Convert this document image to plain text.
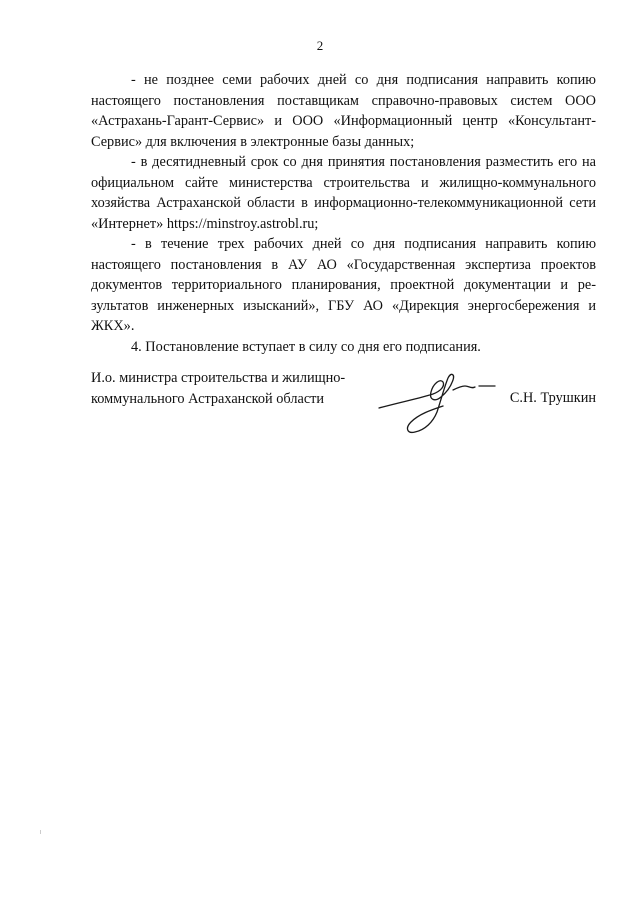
2

- не позднее семи рабочих дней со дня подписания направить копию настоящего постановления поставщикам справочно-правовых систем ООО «Астрахань-Гарант-Сервис» и ООО «Информационный центр «Консультант-Сервис» для включения в электронные базы данных;

- в десятидневный срок со дня принятия постановления разместить его на официальном сайте министерства строительства и жилищно-коммунального хозяйства Астраханской области в информационно-телекоммуникационной сети «Интернет» https://minstroy.astrobl.ru;

- в течение трех рабочих дней со дня подписания направить копию настоящего постановления в АУ АО «Государственная экспертиза проектов документов территориального планирования, проектной документации и результатов инженерных изысканий», ГБУ АО «Дирекция энергосбережения и ЖКХ».

4. Постановление вступает в силу со дня его подписания.

И.о. министра строительства и жилищно-коммунального Астраханской области	С.Н. Трушкин
